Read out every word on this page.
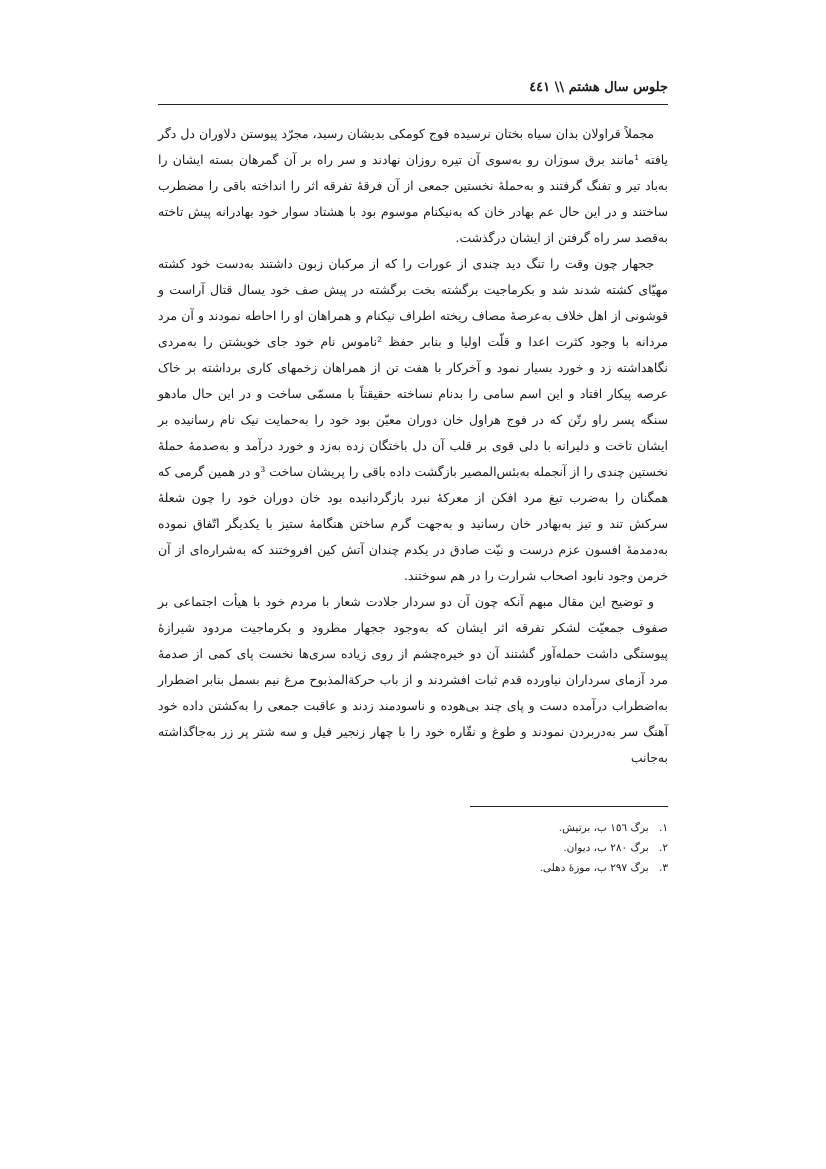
جلوس سال هشتم \\ ٤٤١

مجملاً قراولان بدان سیاه بختان نرسیده فوج کومکی بدیشان رسید، مجرّد پیوستن دلاوران دل دگر یافته ¹مانند برق سوزان رو به‌سوی آن تیره روزان نهادند و سر راه بر آن گمرهان بسته ایشان را به‌باد تیر و تفنگ گرفتند و به‌حملهٔ نخستین جمعی از آن فرقهٔ تفرقه اثر را انداخته باقی را مضطرب ساختند و در این حال عم بهادر خان که به‌نیکنام موسوم بود با هشتاد سوار خود بهادرانه پیش تاخته به‌قصد سر راه گرفتن از ایشان درگذشت.

ججهار چون وقت را تنگ دید چندی از عورات را که از مرکبان زبون داشتند به‌دست خود کشته مهیّای کشته شدند شد و بکرماجیت برگشته بخت برگشته در پیش صف خود یسال قتال آراست و قوشونی از اهل خلاف به‌عرصهٔ مصاف ریخته اطراف نیکنام و همراهان او را احاطه نمودند و آن مرد مردانه با وجود کثرت اعدا و قلّت اولیا و بنابر حفظ ²ناموس نام خود جای خویشتن را به‌مردی نگاهداشته زد و خورد بسیار نمود و آخرکار با هفت تن از همراهان زخمهای کاری برداشته بر خاک عرصه پیکار افتاد و این اسم سامی را بدنام نساخته حقیقتاً با مسمّی ساخت و در این حال مادهو سنگه پسر راو رتّن که در فوج هراول خان دوران معیّن بود خود را به‌حمایت نیک نام رسانیده بر ایشان تاخت و دلیرانه با دلی قوی بر قلب آن دل باختگان زده به‌زد و خورد درآمد و به‌صدمهٔ حملهٔ نخستین چندی را از آنجمله به‌بئس‌المصیر بازگشت داده باقی را پریشان ساخت ³و در همین گرمی که همگنان را به‌ضرب تیغ مرد افکن از معرکهٔ نبرد بازگردانیده بود خان دوران خود را چون شعلهٔ سرکش تند و تیز به‌بهادر خان رسانید و به‌جهت گرم ساختن هنگامهٔ ستیز با یکدیگر اتّفاق نموده به‌دمدمهٔ افسون عزم درست و نیّت صادق در یکدم چندان آتش کین افروختند که به‌شراره‌ای از آن خرمن وجود نابود اصحاب شرارت را در هم سوختند.

و توضیح این مقال مبهم آنکه چون آن دو سردار جلادت شعار با مردم خود با هیأت اجتماعی بر صفوف جمعیّت لشکر تفرقه اثر ایشان که به‌وجود ججهار مطرود و بکرماجیت مردود شیرازهٔ پیوستگی داشت حمله‌آور گشتند آن دو خیره‌چشم از روی زیاده سری‌ها نخست پای کمی از صدمهٔ مرد آزمای سرداران نیاورده قدم ثبات افشردند و از باب حرکةالمذبوح مرغ نیم بسمل بنابر اضطرار به‌اضطراب درآمده دست و پای چند بی‌هوده و ناسودمند زدند و عاقبت جمعی را به‌کشتن داده خود آهنگ سر به‌دربردن نمودند و طوغ و نقّاره خود را با چهار زنجیر فیل و سه شتر پر زر به‌جاگذاشته به‌جانب

١. برگ ١٥٦ ب، برتیش.
٢. برگ ٢٨٠ ب، دیوان.
٣. برگ ٢٩٧ ب، موزهٔ دهلی.
